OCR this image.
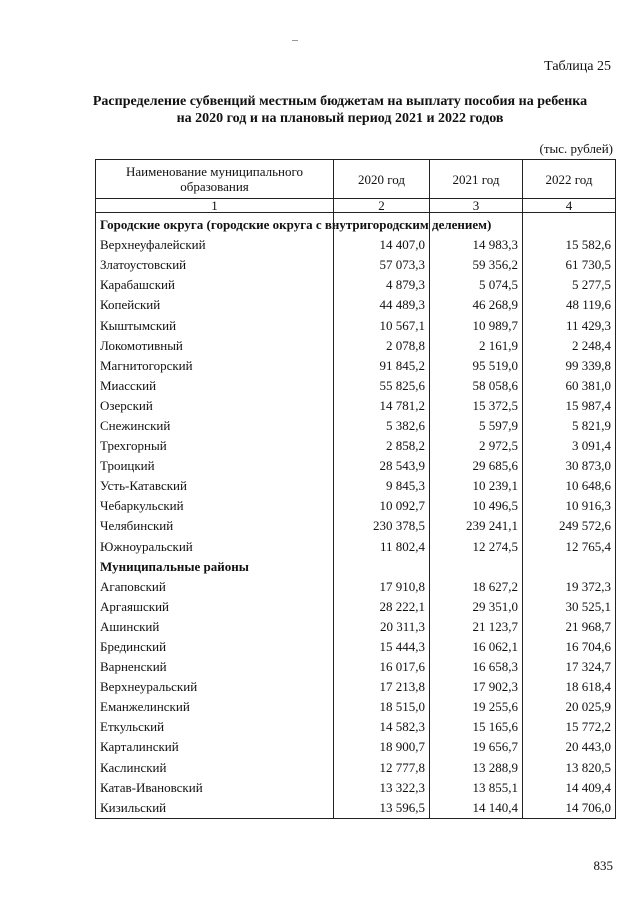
Таблица 25
Распределение субвенций местным бюджетам на выплату пособия на ребенка
на 2020 год и на плановый период 2021 и 2022 годов
(тыс. рублей)
Наименование муниципального образования	2020 год	2021 год	2022 год
1	2	3	4
Городские округа (городские округа с внутригородским делением)			
Верхнеуфалейский	14 407,0	14 983,3	15 582,6
Златоустовский	57 073,3	59 356,2	61 730,5
Карабашский	4 879,3	5 074,5	5 277,5
Копейский	44 489,3	46 268,9	48 119,6
Кыштымский	10 567,1	10 989,7	11 429,3
Локомотивный	2 078,8	2 161,9	2 248,4
Магнитогорский	91 845,2	95 519,0	99 339,8
Миасский	55 825,6	58 058,6	60 381,0
Озерский	14 781,2	15 372,5	15 987,4
Снежинский	5 382,6	5 597,9	5 821,9
Трехгорный	2 858,2	2 972,5	3 091,4
Троицкий	28 543,9	29 685,6	30 873,0
Усть-Катавский	9 845,3	10 239,1	10 648,6
Чебаркульский	10 092,7	10 496,5	10 916,3
Челябинский	230 378,5	239 241,1	249 572,6
Южноуральский	11 802,4	12 274,5	12 765,4
Муниципальные районы			
Агаповский	17 910,8	18 627,2	19 372,3
Аргаяшский	28 222,1	29 351,0	30 525,1
Ашинский	20 311,3	21 123,7	21 968,7
Брединский	15 444,3	16 062,1	16 704,6
Варненский	16 017,6	16 658,3	17 324,7
Верхнеуральский	17 213,8	17 902,3	18 618,4
Еманжелинский	18 515,0	19 255,6	20 025,9
Еткульский	14 582,3	15 165,6	15 772,2
Карталинский	18 900,7	19 656,7	20 443,0
Каслинский	12 777,8	13 288,9	13 820,5
Катав-Ивановский	13 322,3	13 855,1	14 409,4
Кизильский	13 596,5	14 140,4	14 706,0
835
